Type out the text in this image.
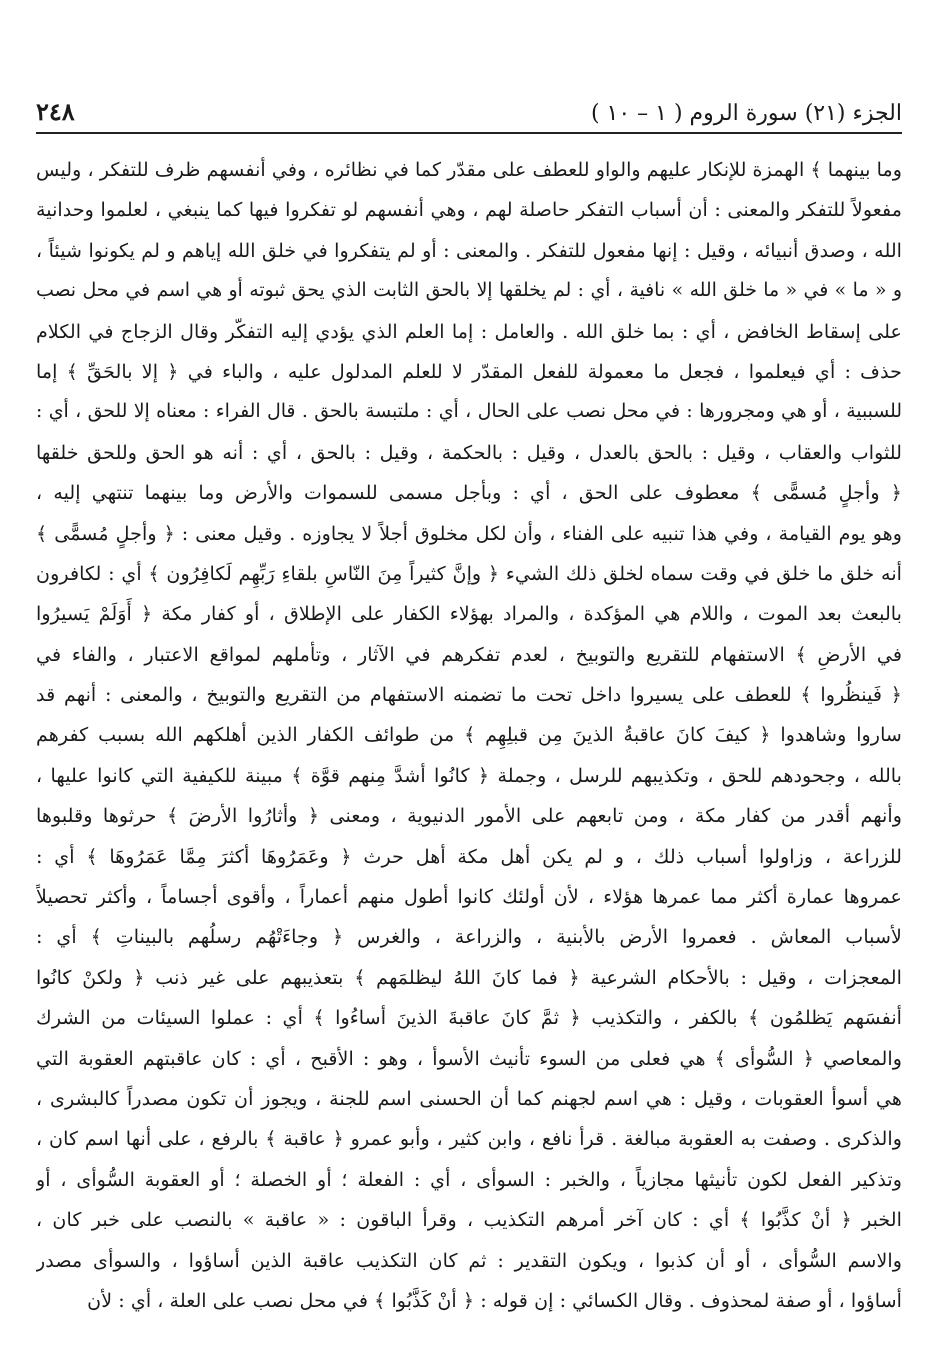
الجزء (٢١) سورة الروم ( ١ – ١٠ )
٢٤٨
وما بينهما ﴾ الهمزة للإنكار عليهم والواو للعطف على مقدّر كما في نظائره ، وفي أنفسهم ظرف للتفكر ، وليس
مفعولاً للتفكر والمعنى : أن أسباب التفكر حاصلة لهم ، وهي أنفسهم لو تفكروا فيها كما ينبغي ، لعلموا وحدانية
الله ، وصدق أنبيائه ، وقيل : إنها مفعول للتفكر . والمعنى : أو لم يتفكروا في خلق الله إياهم و لم يكونوا شيئاً ،
و « ما » في « ما خلق الله » نافية ، أي : لم يخلقها إلا بالحق الثابت الذي يحق ثبوته أو هي اسم في محل نصب
على إسقاط الخافض ، أي : بما خلق الله . والعامل : إما العلم الذي يؤدي إليه التفكّر وقال الزجاج في الكلام
حذف : أي فيعلموا ، فجعل ما معمولة للفعل المقدّر لا للعلم المدلول عليه ، والباء في ﴿ إلا بالحَقِّ ﴾ إما
للسببية ، أو هي ومجرورها : في محل نصب على الحال ، أي : ملتبسة بالحق . قال الفراء : معناه إلا للحق ، أي :
للثواب والعقاب ، وقيل : بالحق بالعدل ، وقيل : بالحكمة ، وقيل : بالحق ، أي : أنه هو الحق وللحق خلقها
﴿ وأجلٍ مُسمًّى ﴾ معطوف على الحق ، أي : وبأجل مسمى للسموات والأرض وما بينهما تنتهي إليه ،
وهو يوم القيامة ، وفي هذا تنبيه على الفناء ، وأن لكل مخلوق أجلاً لا يجاوزه . وقيل معنى : ﴿ وأجلٍ مُسمًّى ﴾
أنه خلق ما خلق في وقت سماه لخلق ذلك الشيء ﴿ وإنَّ كثيراً مِنَ النّاسِ بلقاءِ رَبِّهِم لَكافِرُون ﴾ أي : لكافرون
بالبعث بعد الموت ، واللام هي المؤكدة ، والمراد بهؤلاء الكفار على الإطلاق ، أو كفار مكة ﴿ أَوَلَمْ يَسيرُوا
في الأرضِ ﴾ الاستفهام للتقريع والتوبيخ ، لعدم تفكرهم في الآثار ، وتأملهم لمواقع الاعتبار ، والفاء في
﴿ فَينظُروا ﴾ للعطف على يسيروا داخل تحت ما تضمنه الاستفهام من التقريع والتوبيخ ، والمعنى : أنهم قد
ساروا وشاهدوا ﴿ كيفَ كانَ عاقبةُ الذينَ مِن قبلِهِم ﴾ من طوائف الكفار الذين أهلكهم الله بسبب كفرهم
بالله ، وجحودهم للحق ، وتكذيبهم للرسل ، وجملة ﴿ كانُوا أشدَّ مِنهم قوَّة ﴾ مبينة للكيفية التي كانوا عليها ،
وأنهم أقدر من كفار مكة ، ومن تابعهم على الأمور الدنيوية ، ومعنى ﴿ وأثارُوا الأرضَ ﴾ حرثوها وقلبوها
للزراعة ، وزاولوا أسباب ذلك ، و لم يكن أهل مكة أهل حرث ﴿ وعَمَرُوهَا أكثرَ مِمَّا عَمَرُوهَا ﴾ أي :
عمروها عمارة أكثر مما عمرها هؤلاء ، لأن أولئك كانوا أطول منهم أعماراً ، وأقوى أجساماً ، وأكثر تحصيلاً
لأسباب المعاش . فعمروا الأرض بالأبنية ، والزراعة ، والغرس ﴿ وجاءَتْهُم رسلُهم بالبيناتِ ﴾ أي :
المعجزات ، وقيل : بالأحكام الشرعية ﴿ فما كانَ اللهُ ليظلمَهم ﴾ بتعذيبهم على غير ذنب ﴿ ولكنْ كانُوا
أنفسَهم يَظلمُون ﴾ بالكفر ، والتكذيب ﴿ ثمَّ كانَ عاقبةَ الذينَ أساءُوا ﴾ أي : عملوا السيئات من الشرك
والمعاصي ﴿ السُّوأى ﴾ هي فعلى من السوء تأنيث الأسوأ ، وهو : الأقبح ، أي : كان عاقبتهم العقوبة التي
هي أسوأ العقوبات ، وقيل : هي اسم لجهنم كما أن الحسنى اسم للجنة ، ويجوز أن تكون مصدراً كالبشرى ،
والذكرى . وصفت به العقوبة مبالغة . قرأ نافع ، وابن كثير ، وأبو عمرو ﴿ عاقبة ﴾ بالرفع ، على أنها اسم كان ،
وتذكير الفعل لكون تأنيثها مجازياً ، والخبر : السوأى ، أي : الفعلة ؛ أو الخصلة ؛ أو العقوبة السُّوأى ، أو
الخبر ﴿ أنْ كذَّبُوا ﴾ أي : كان آخر أمرهم التكذيب ، وقرأ الباقون : « عاقبة » بالنصب على خبر كان ،
والاسم السُّوأى ، أو أن كذبوا ، ويكون التقدير : ثم كان التكذيب عاقبة الذين أساؤوا ، والسوأى مصدر
أساؤوا ، أو صفة لمحذوف . وقال الكسائي : إن قوله : ﴿ أنْ كَذَّبُوا ﴾ في محل نصب على العلة ، أي : لأن
